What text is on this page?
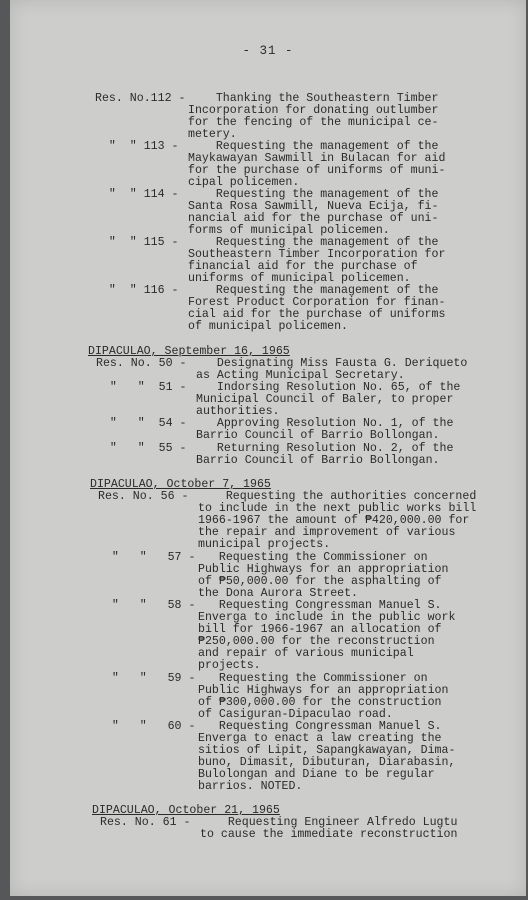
- 31 -
Res. No.112 - Thanking the Southeastern Timber
Incorporation for donating outlumber
for the fencing of the municipal ce-
metery.
"  " 113 - Requesting the management of the
Maykawayan Sawmill in Bulacan for aid
for the purchase of uniforms of muni-
cipal policemen.
"  " 114 - Requesting the management of the
Santa Rosa Sawmill, Nueva Ecija, fi-
nancial aid for the purchase of uni-
forms of municipal policemen.
"  " 115 - Requesting the management of the
Southeastern Timber Incorporation for
financial aid for the purchase of
uniforms of municipal policemen.
"  " 116 - Requesting the management of the
Forest Product Corporation for finan-
cial aid for the purchase of uniforms
of municipal policemen.
DIPACULAO, September 16, 1965
Res. No. 50 - Designating Miss Fausta G. Deriqueto
as Acting Municipal Secretary.
"   "  51 - Indorsing Resolution No. 65, of the
Municipal Council of Baler, to proper
authorities.
"   "  54 - Approving Resolution No. 1, of the
Barrio Council of Barrio Bollongan.
"   "  55 - Returning Resolution No. 2, of the
Barrio Council of Barrio Bollongan.
DIPACULAO, October 7, 1965
Res. No. 56 - Requesting the authorities concerned
to include in the next public works bill
1966-1967 the amount of ₱420,000.00 for
the repair and improvement of various
municipal projects.
"   "   57 - Requesting the Commissioner on
Public Highways for an appropriation
of ₱50,000.00 for the asphalting of
the Dona Aurora Street.
"   "   58 - Requesting Congressman Manuel S.
Enverga to include in the public work
bill for 1966-1967 an allocation of
₱250,000.00 for the reconstruction
and repair of various municipal
projects.
"   "   59 - Requesting the Commissioner on
Public Highways for an appropriation
of ₱300,000.00 for the construction
of Casiguran-Dipaculao road.
"   "   60 - Requesting Congressman Manuel S.
Enverga to enact a law creating the
sitios of Lipit, Sapangkawayan, Dima-
buno, Dimasit, Dibuturan, Diarabasin,
Bulolongan and Diane to be regular
barrios. NOTED.
DIPACULAO, October 21, 1965
Res. No. 61 - Requesting Engineer Alfredo Lugtu
to cause the immediate reconstruction
